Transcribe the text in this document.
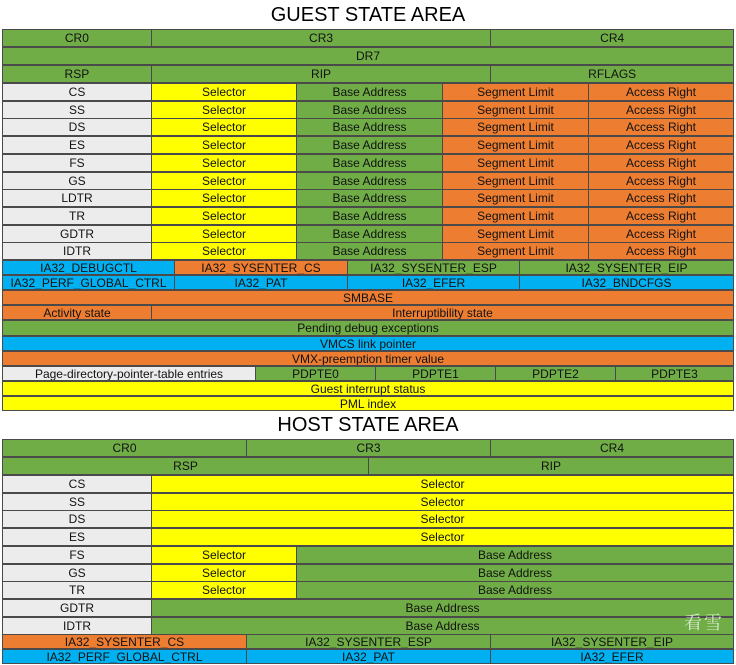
GUEST STATE AREA
CR0	CR3	CR4
DR7
RSP	RIP	RFLAGS
CS	Selector	Base Address	Segment Limit	Access Right
SS	Selector	Base Address	Segment Limit	Access Right
DS	Selector	Base Address	Segment Limit	Access Right
ES	Selector	Base Address	Segment Limit	Access Right
FS	Selector	Base Address	Segment Limit	Access Right
GS	Selector	Base Address	Segment Limit	Access Right
LDTR	Selector	Base Address	Segment Limit	Access Right
TR	Selector	Base Address	Segment Limit	Access Right
GDTR	Selector	Base Address	Segment Limit	Access Right
IDTR	Selector	Base Address	Segment Limit	Access Right
IA32_DEBUGCTL	IA32_SYSENTER_CS	IA32_SYSENTER_ESP	IA32_SYSENTER_EIP
IA32_PERF_GLOBAL_CTRL	IA32_PAT	IA32_EFER	IA32_BNDCFGS
SMBASE
Activity state	Interruptibility state
Pending debug exceptions
VMCS link pointer
VMX-preemption timer value
Page-directory-pointer-table entries	PDPTE0	PDPTE1	PDPTE2	PDPTE3
Guest interrupt status
PML index
HOST STATE AREA
CR0	CR3	CR4
RSP	RIP
CS	Selector
SS	Selector
DS	Selector
ES	Selector
FS	Selector	Base Address
GS	Selector	Base Address
TR	Selector	Base Address
GDTR	Base Address
IDTR	Base Address
IA32_SYSENTER_CS	IA32_SYSENTER_ESP	IA32_SYSENTER_EIP
IA32_PERF_GLOBAL_CTRL	IA32_PAT	IA32_EFER
看雪
